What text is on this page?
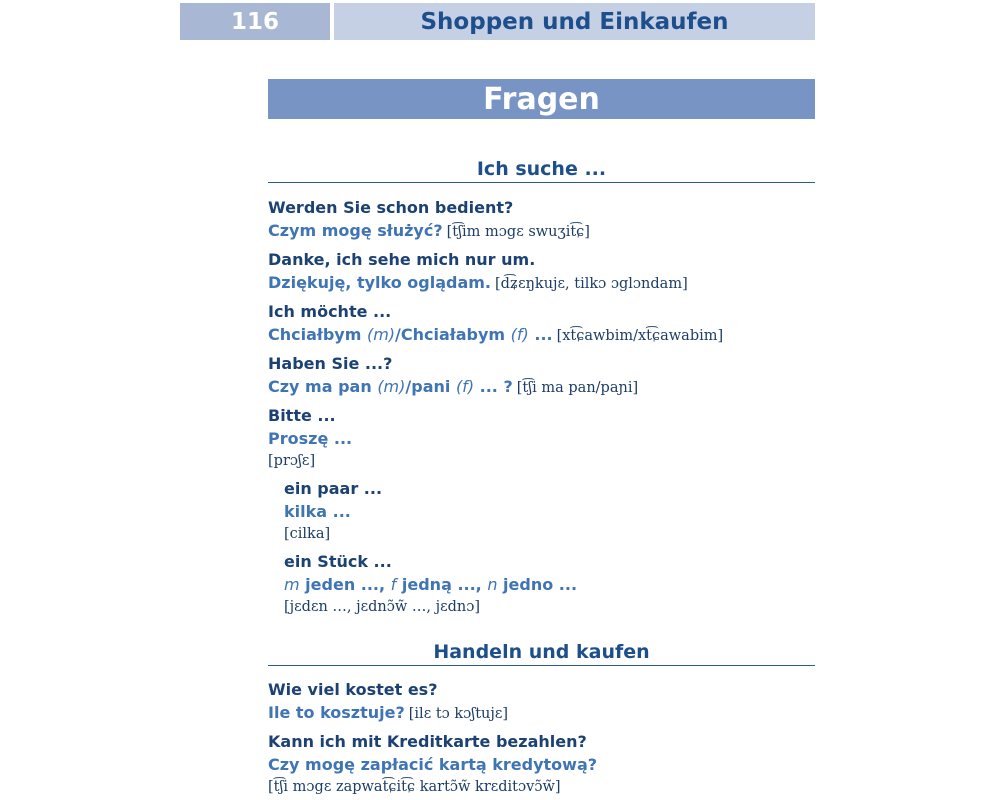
116	Shoppen und Einkaufen
Fragen
Ich suche ...
Werden Sie schon bedient?
Czym mogę służyć? [t͡ʃim mɔgɛ swuʒit͡ɕ]
Danke, ich sehe mich nur um.
Dziękuję, tylko oglądam. [d͡ʑɛŋkujɛ, tilkɔ ɔglɔndam]
Ich möchte ...
Chciałbym (m)/Chciałabym (f) ... [xt͡ɕawbim/xt͡ɕawabim]
Haben Sie ...?
Czy ma pan (m)/pani (f) ... ? [t͡ʃi ma pan/paɲi]
Bitte ...
Proszę ...
[prɔʃɛ]
ein paar ...
kilka ...
[cilka]
ein Stück ...
m jeden ..., f jedną ..., n jedno ...
[jɛdɛn …, jɛdnɔ̃w̃ …, jɛdnɔ]
Handeln und kaufen
Wie viel kostet es?
Ile to kosztuje? [ilɛ tɔ kɔʃtujɛ]
Kann ich mit Kreditkarte bezahlen?
Czy mogę zapłacić kartą kredytową?
[t͡ʃi mɔgɛ zapwat͡ɕit͡ɕ kartɔ̃w̃ krɛditɔvɔ̃w̃]
